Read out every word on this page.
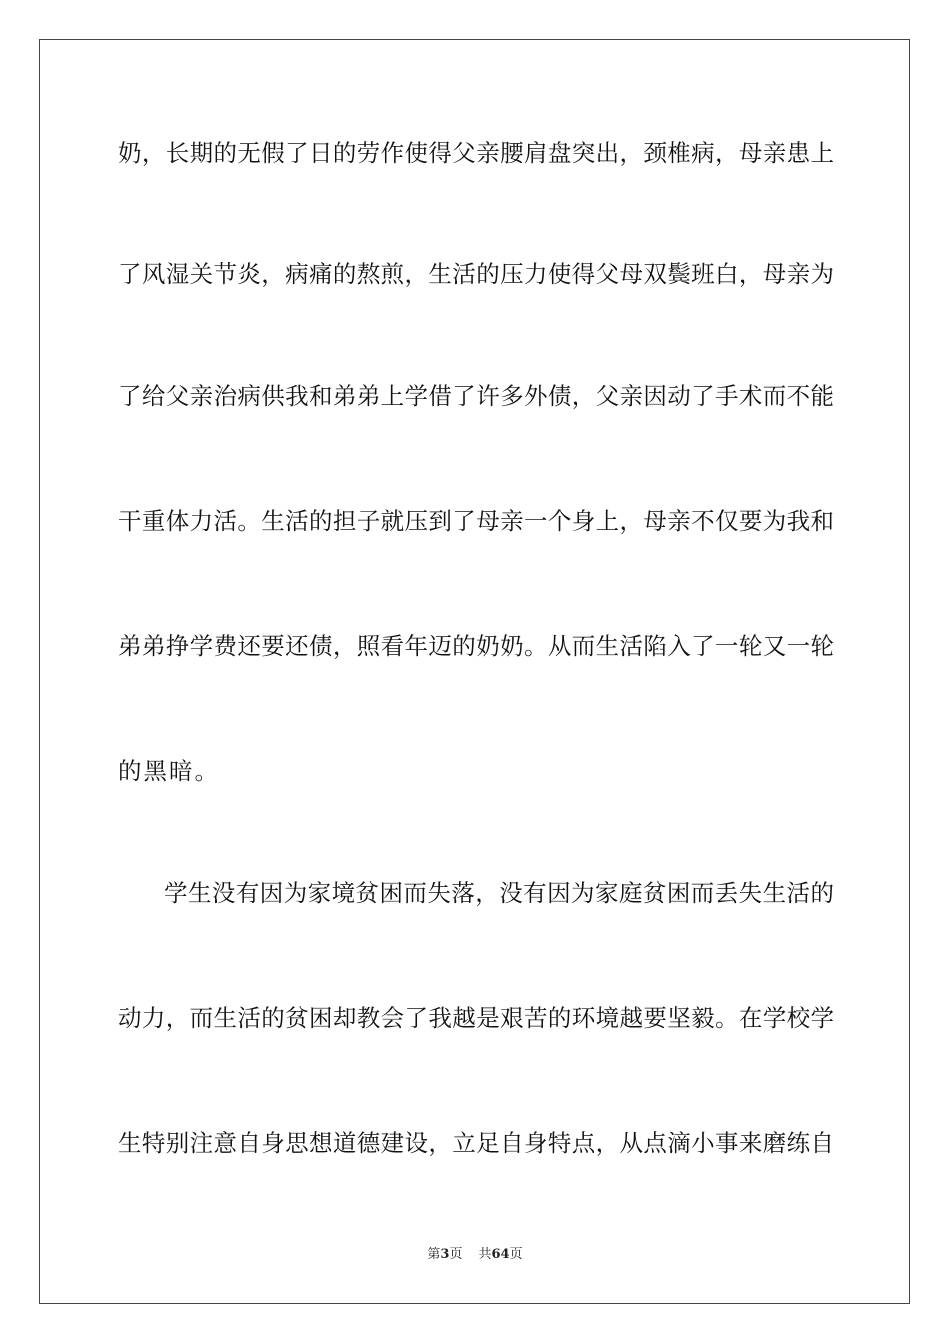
奶，长期的无假了日的劳作使得父亲腰肩盘突出，颈椎病，母亲患上
了风湿关节炎，病痛的熬煎，生活的压力使得父母双鬓班白，母亲为
了给父亲治病供我和弟弟上学借了许多外债，父亲因动了手术而不能
干重体力活。生活的担子就压到了母亲一个身上，母亲不仅要为我和
弟弟挣学费还要还债，照看年迈的奶奶。从而生活陷入了一轮又一轮
的黑暗。
学生没有因为家境贫困而失落，没有因为家庭贫困而丢失生活的
动力，而生活的贫困却教会了我越是艰苦的环境越要坚毅。在学校学
生特别注意自身思想道德建设，立足自身特点，从点滴小事来磨练自
第3页 共64页
